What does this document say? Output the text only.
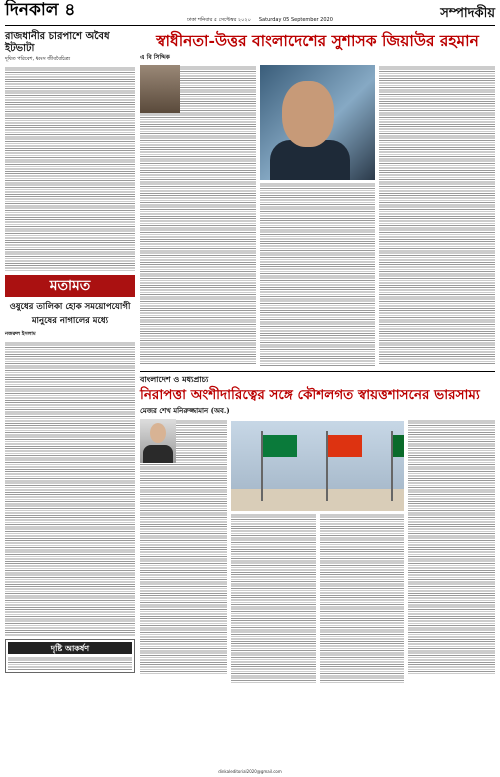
দিনকাল ৪	ঢাকা শনিবার ৫ সেপ্টেম্বর ২০২০ Saturday 05 September 2020	সম্পাদকীয়
রাজধানীর চারপাশে অবৈধ ইটভাটা
দূষিত পরিবেশ, ধ্বংস জীববৈচিত্র্য
মতামত
ওষুধের তালিকা হোক সময়োপযোগী
মানুষের নাগালের মধ্যে
নজরুল ইসলাম
দৃষ্টি আকর্ষণ
স্বাধীনতা-উত্তর বাংলাদেশের সুশাসক জিয়াউর রহমান
এ বি সিদ্দিক
বাংলাদেশ ও মধ্যপ্রাচ্য
নিরাপত্তা অংশীদারিত্বের সঙ্গে কৌশলগত স্বায়ত্তশাসনের ভারসাম্য
মেজর শেখ মনিরুজ্জামান (অব.)
dinkaleditorial2020@gmail.com
